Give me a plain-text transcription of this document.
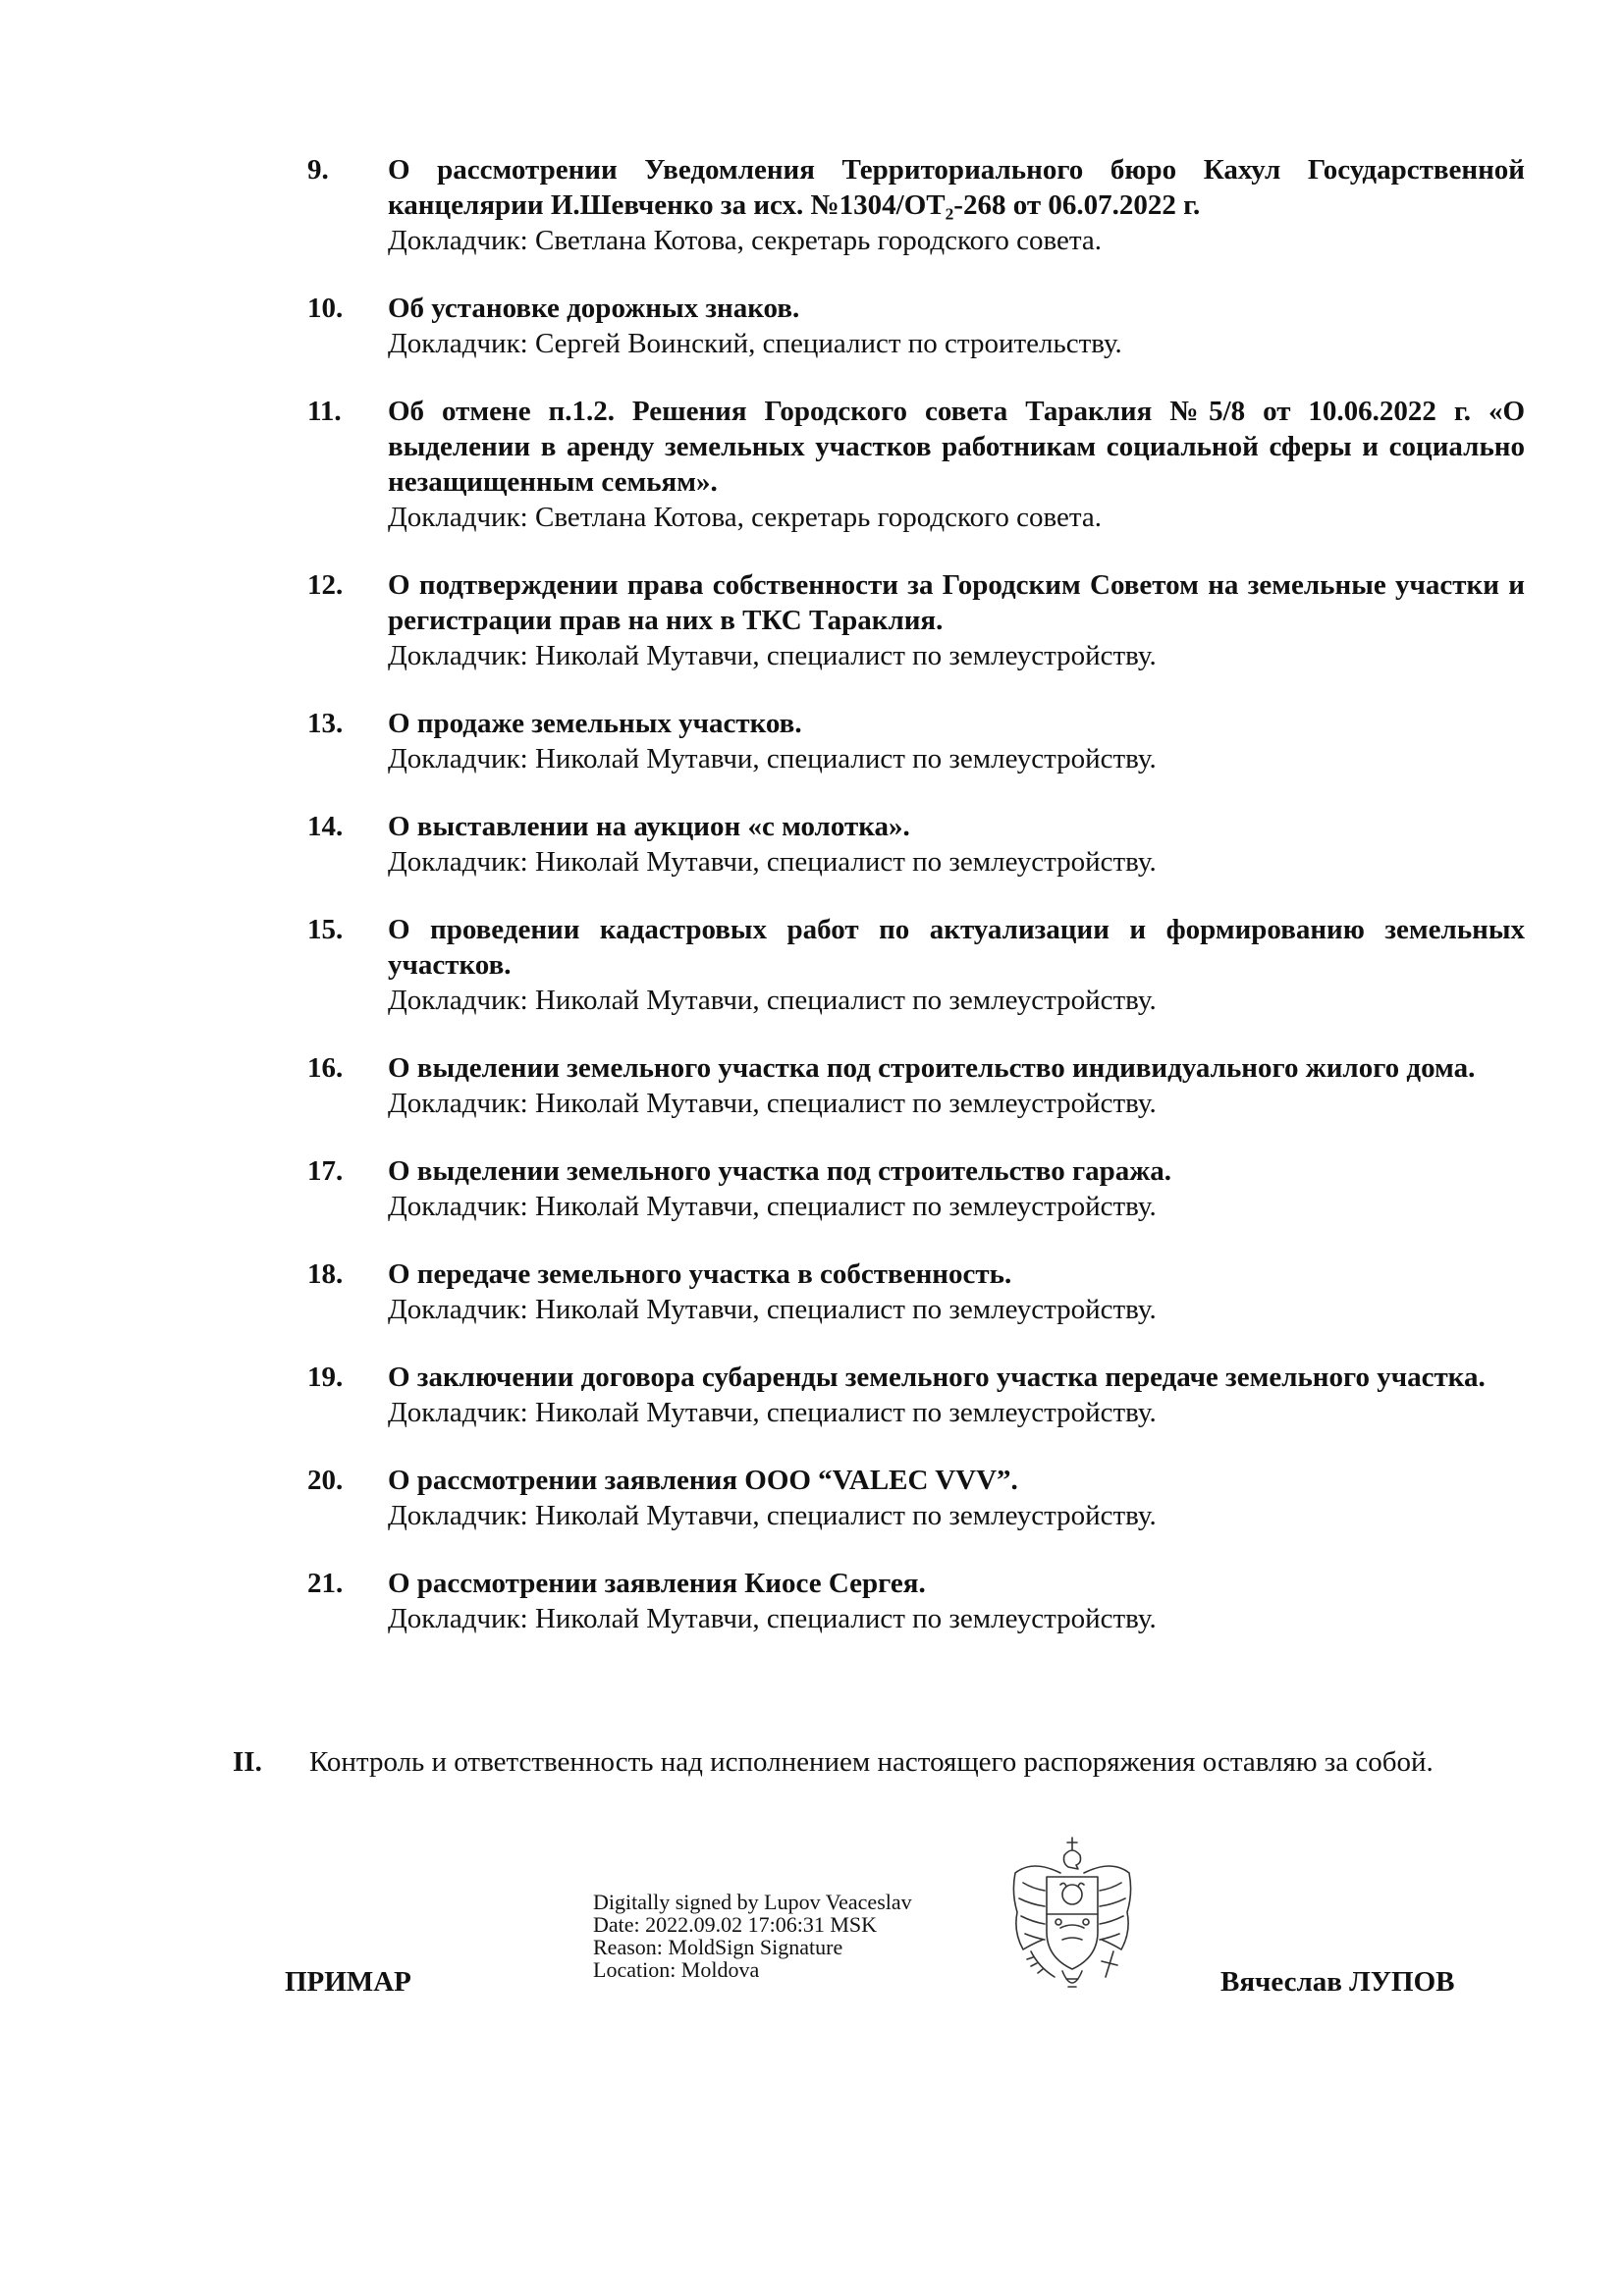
9.	О рассмотрении Уведомления Территориального бюро Кахул Государственной канцелярии И.Шевченко за исх. №1304/OT₂-268 от 06.07.2022 г.
Докладчик: Светлана Котова, секретарь городского совета.
10.	Об установке дорожных знаков.
Докладчик: Сергей Воинский, специалист по строительству.
11.	Об отмене п.1.2. Решения Городского совета Тараклия №5/8 от 10.06.2022 г. «О выделении в аренду земельных участков работникам социальной сферы и социально незащищенным семьям».
Докладчик: Светлана Котова, секретарь городского совета.
12.	О подтверждении права собственности за Городским Советом на земельные участки и регистрации прав на них в ТКС Тараклия.
Докладчик: Николай Мутавчи, специалист по землеустройству.
13.	О продаже земельных участков.
Докладчик: Николай Мутавчи, специалист по землеустройству.
14.	О выставлении на аукцион «с молотка».
Докладчик: Николай Мутавчи, специалист по землеустройству.
15.	О проведении кадастровых работ по актуализации и формированию земельных участков.
Докладчик: Николай Мутавчи, специалист по землеустройству.
16.	О выделении земельного участка под строительство индивидуального жилого дома.
Докладчик: Николай Мутавчи, специалист по землеустройству.
17.	О выделении земельного участка под строительство гаража.
Докладчик: Николай Мутавчи, специалист по землеустройству.
18.	О передаче земельного участка в собственность.
Докладчик: Николай Мутавчи, специалист по землеустройству.
19.	О заключении договора субаренды земельного участка передаче земельного участка.
Докладчик: Николай Мутавчи, специалист по землеустройству.
20.	О рассмотрении заявления ООО “VALEC VVV”.
Докладчик: Николай Мутавчи, специалист по землеустройству.
21.	О рассмотрении заявления Киосе Сергея.
Докладчик: Николай Мутавчи, специалист по землеустройству.
II.	Контроль и ответственность над исполнением настоящего распоряжения оставляю за собой.
Digitally signed by Lupov Veaceslav
Date: 2022.09.02 17:06:31 MSK
Reason: MoldSign Signature
Location: Moldova
ПРИМАР	Вячеслав ЛУПОВ
